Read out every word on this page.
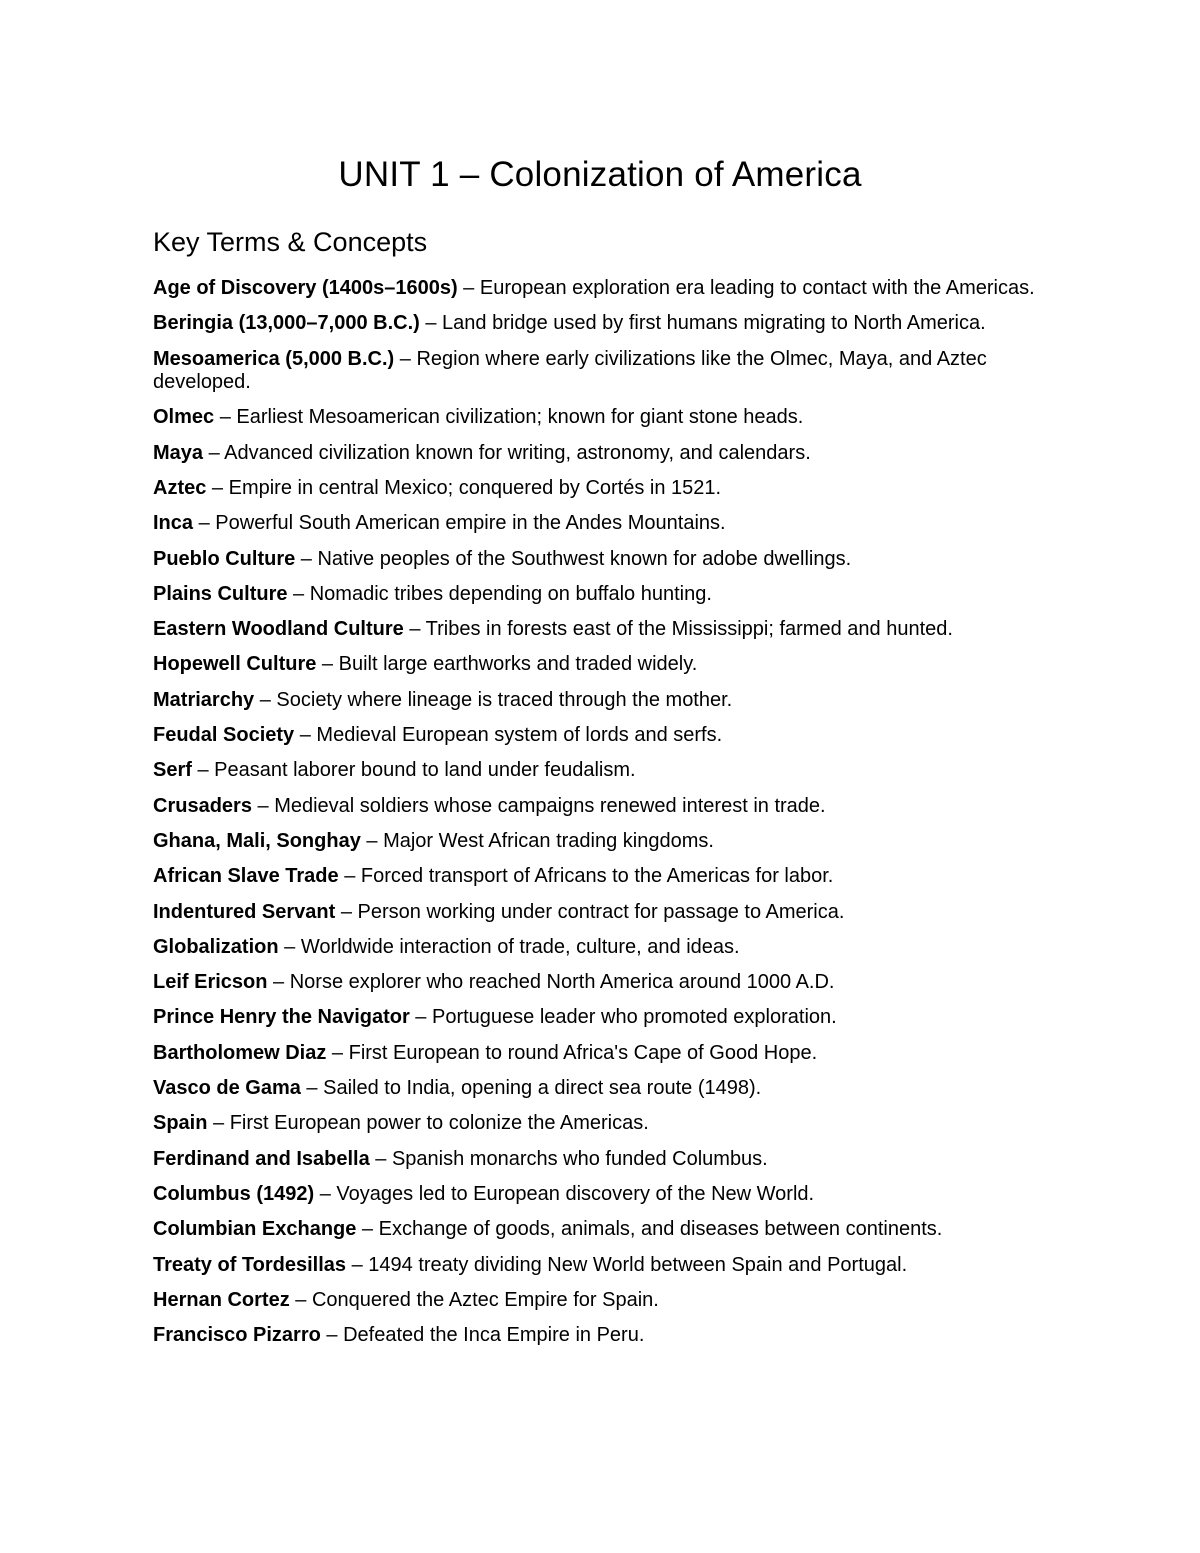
UNIT 1 – Colonization of America
Key Terms & Concepts
Age of Discovery (1400s–1600s) – European exploration era leading to contact with the Americas.
Beringia (13,000–7,000 B.C.) – Land bridge used by first humans migrating to North America.
Mesoamerica (5,000 B.C.) – Region where early civilizations like the Olmec, Maya, and Aztec developed.
Olmec – Earliest Mesoamerican civilization; known for giant stone heads.
Maya – Advanced civilization known for writing, astronomy, and calendars.
Aztec – Empire in central Mexico; conquered by Cortés in 1521.
Inca – Powerful South American empire in the Andes Mountains.
Pueblo Culture – Native peoples of the Southwest known for adobe dwellings.
Plains Culture – Nomadic tribes depending on buffalo hunting.
Eastern Woodland Culture – Tribes in forests east of the Mississippi; farmed and hunted.
Hopewell Culture – Built large earthworks and traded widely.
Matriarchy – Society where lineage is traced through the mother.
Feudal Society – Medieval European system of lords and serfs.
Serf – Peasant laborer bound to land under feudalism.
Crusaders – Medieval soldiers whose campaigns renewed interest in trade.
Ghana, Mali, Songhay – Major West African trading kingdoms.
African Slave Trade – Forced transport of Africans to the Americas for labor.
Indentured Servant – Person working under contract for passage to America.
Globalization – Worldwide interaction of trade, culture, and ideas.
Leif Ericson – Norse explorer who reached North America around 1000 A.D.
Prince Henry the Navigator – Portuguese leader who promoted exploration.
Bartholomew Diaz – First European to round Africa's Cape of Good Hope.
Vasco de Gama – Sailed to India, opening a direct sea route (1498).
Spain – First European power to colonize the Americas.
Ferdinand and Isabella – Spanish monarchs who funded Columbus.
Columbus (1492) – Voyages led to European discovery of the New World.
Columbian Exchange – Exchange of goods, animals, and diseases between continents.
Treaty of Tordesillas – 1494 treaty dividing New World between Spain and Portugal.
Hernan Cortez – Conquered the Aztec Empire for Spain.
Francisco Pizarro – Defeated the Inca Empire in Peru.
